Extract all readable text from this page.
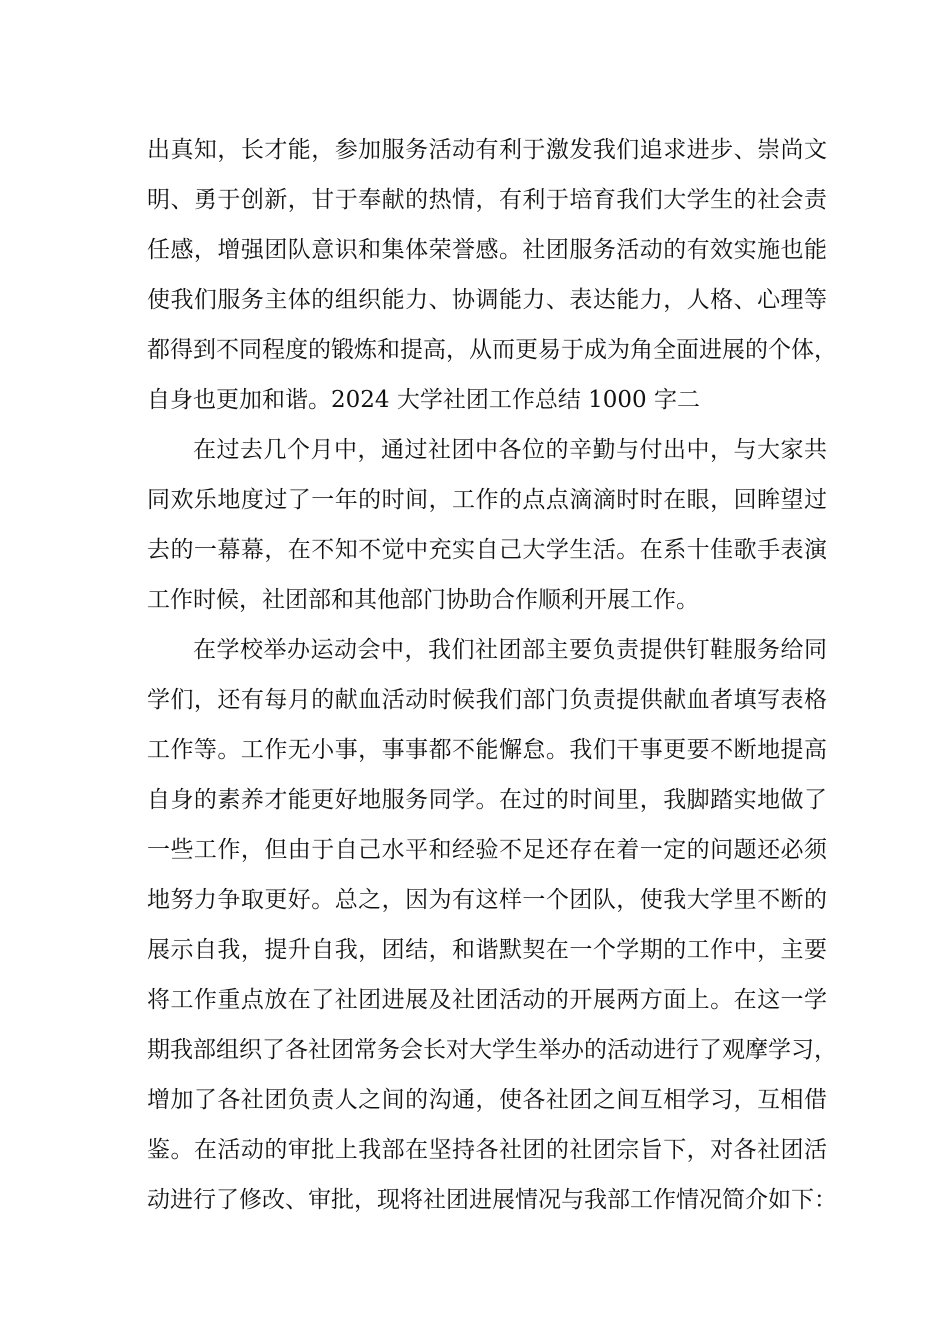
出真知，长才能，参加服务活动有利于激发我们追求进步、崇尚文
明、勇于创新，甘于奉献的热情，有利于培育我们大学生的社会责
任感，增强团队意识和集体荣誉感。社团服务活动的有效实施也能
使我们服务主体的组织能力、协调能力、表达能力，人格、心理等
都得到不同程度的锻炼和提高，从而更易于成为角全面进展的个体，
自身也更加和谐。2024 大学社团工作总结 1000 字二
在过去几个月中，通过社团中各位的辛勤与付出中，与大家共
同欢乐地度过了一年的时间，工作的点点滴滴时时在眼，回眸望过
去的一幕幕，在不知不觉中充实自己大学生活。在系十佳歌手表演
工作时候，社团部和其他部门协助合作顺利开展工作。
在学校举办运动会中，我们社团部主要负责提供钉鞋服务给同
学们，还有每月的献血活动时候我们部门负责提供献血者填写表格
工作等。工作无小事，事事都不能懈怠。我们干事更要不断地提高
自身的素养才能更好地服务同学。在过的时间里，我脚踏实地做了
一些工作，但由于自己水平和经验不足还存在着一定的问题还必须
地努力争取更好。总之，因为有这样一个团队，使我大学里不断的
展示自我，提升自我，团结，和谐默契在一个学期的工作中，主要
将工作重点放在了社团进展及社团活动的开展两方面上。在这一学
期我部组织了各社团常务会长对大学生举办的活动进行了观摩学习，
增加了各社团负责人之间的沟通，使各社团之间互相学习，互相借
鉴。在活动的审批上我部在坚持各社团的社团宗旨下，对各社团活
动进行了修改、审批，现将社团进展情况与我部工作情况简介如下：
